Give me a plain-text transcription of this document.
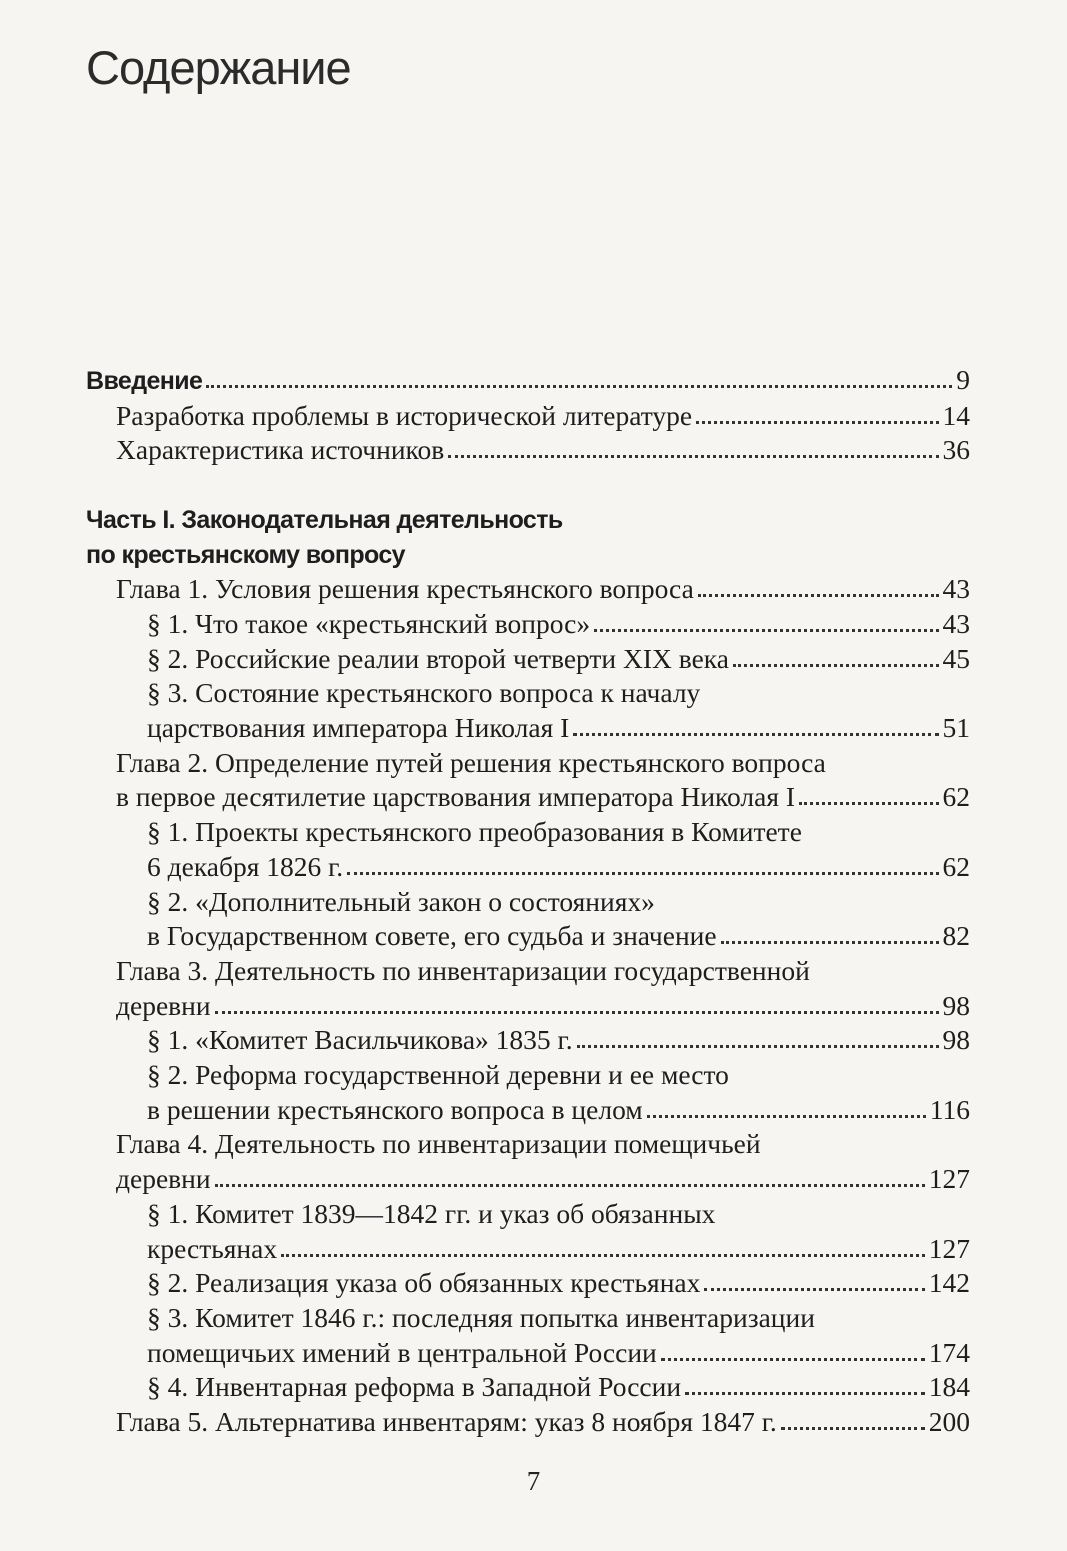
Содержание
Введение	9
Разработка проблемы в исторической литературе	14
Характеристика источников	36
Часть I. Законодательная деятельность
по крестьянскому вопросу
Глава 1. Условия решения крестьянского вопроса	43
§ 1. Что такое «крестьянский вопрос»	43
§ 2. Российские реалии второй четверти XIX века	45
§ 3. Состояние крестьянского вопроса к началу
царствования императора Николая I	51
Глава 2. Определение путей решения крестьянского вопроса
в первое десятилетие царствования императора Николая I	62
§ 1. Проекты крестьянского преобразования в Комитете
6 декабря 1826 г.	62
§ 2. «Дополнительный закон о состояниях»
в Государственном совете, его судьба и значение	82
Глава 3. Деятельность по инвентаризации государственной
деревни	98
§ 1. «Комитет Васильчикова» 1835 г.	98
§ 2. Реформа государственной деревни и ее место
в решении крестьянского вопроса в целом	116
Глава 4. Деятельность по инвентаризации помещичьей
деревни	127
§ 1. Комитет 1839—1842 гг. и указ об обязанных
крестьянах	127
§ 2. Реализация указа об обязанных крестьянах	142
§ 3. Комитет 1846 г.: последняя попытка инвентаризации
помещичьих имений в центральной России	174
§ 4. Инвентарная реформа в Западной России	184
Глава 5. Альтернатива инвентарям: указ 8 ноября 1847 г.	200
7
